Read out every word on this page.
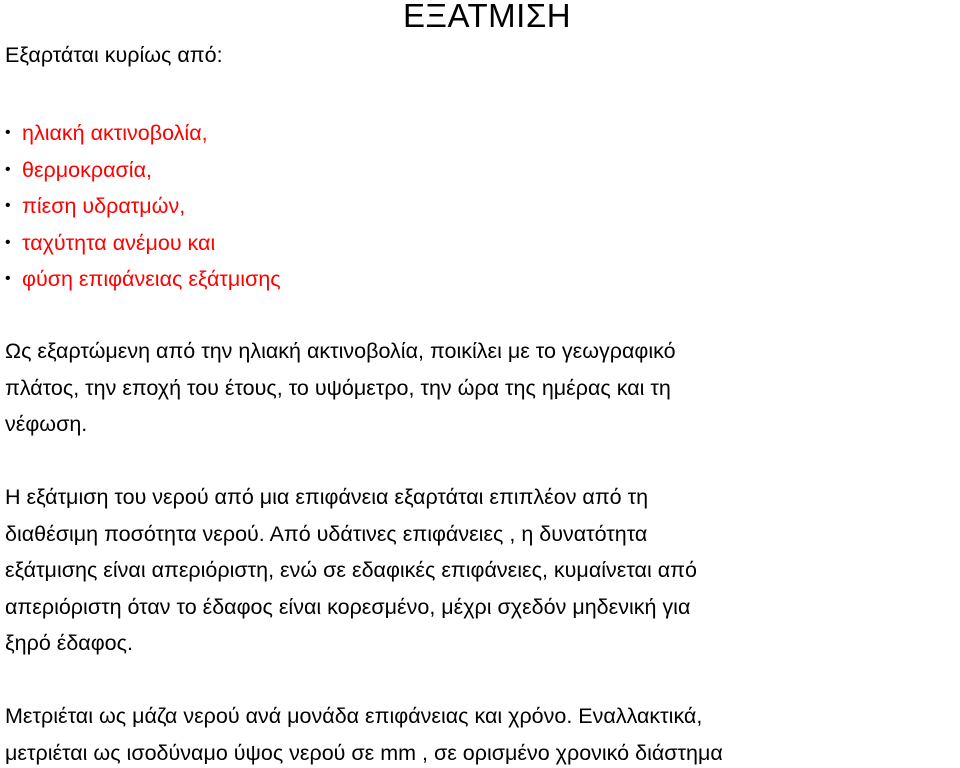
ΕΞΑΤΜΙΣΗ
Εξαρτάται κυρίως από:
• ηλιακή ακτινοβολία,
• θερμοκρασία,
• πίεση υδρατμών,
• ταχύτητα ανέμου και
• φύση επιφάνειας εξάτμισης

Ως εξαρτώμενη από την ηλιακή ακτινοβολία, ποικίλει με το γεωγραφικό
πλάτος, την εποχή του έτους, το υψόμετρο, την ώρα της ημέρας και τη
νέφωση.

Η εξάτμιση του νερού από μια επιφάνεια εξαρτάται επιπλέον από τη
διαθέσιμη ποσότητα νερού. Από υδάτινες επιφάνειες , η δυνατότητα
εξάτμισης είναι απεριόριστη, ενώ σε εδαφικές επιφάνειες, κυμαίνεται από
απεριόριστη όταν το έδαφος είναι κορεσμένο, μέχρι σχεδόν μηδενική για
ξηρό έδαφος.

Μετριέται ως μάζα νερού ανά μονάδα επιφάνειας και χρόνο. Εναλλακτικά,
μετριέται ως ισοδύναμο ύψος νερού σε mm , σε ορισμένο χρονικό διάστημα
